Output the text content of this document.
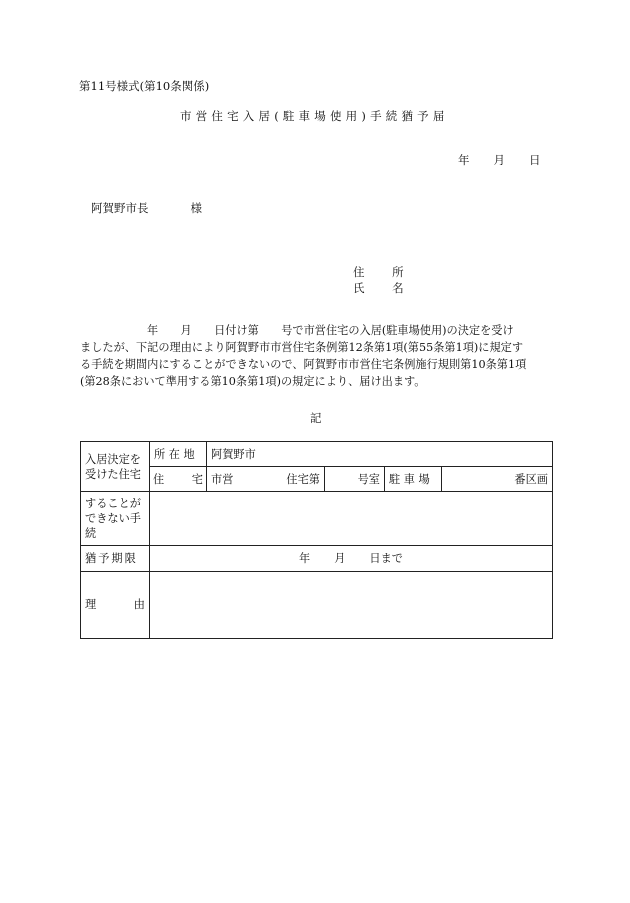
第11号様式(第10条関係)
市営住宅入居(駐車場使用)手続猶予届
年 月 日
阿賀野市長	様
住 所
氏 名
　　　　　年　　月　　日付け第　　号で市営住宅の入居(駐車場使用)の決定を受け
ましたが、下記の理由により阿賀野市市営住宅条例第12条第1項(第55条第1項)に規定す
る手続を期間内にすることができないので、阿賀野市市営住宅条例施行規則第10条第1項
(第28条において準用する第10条第1項)の規定により、届け出ます。
記
入居決定を
受けた住宅	所 在 地	阿賀野市			

	住 宅	市営 住宅第	号室	駐 車 場	番区画

することが
できない手
続					

猶予期限	年 月 日まで				

理 由					
